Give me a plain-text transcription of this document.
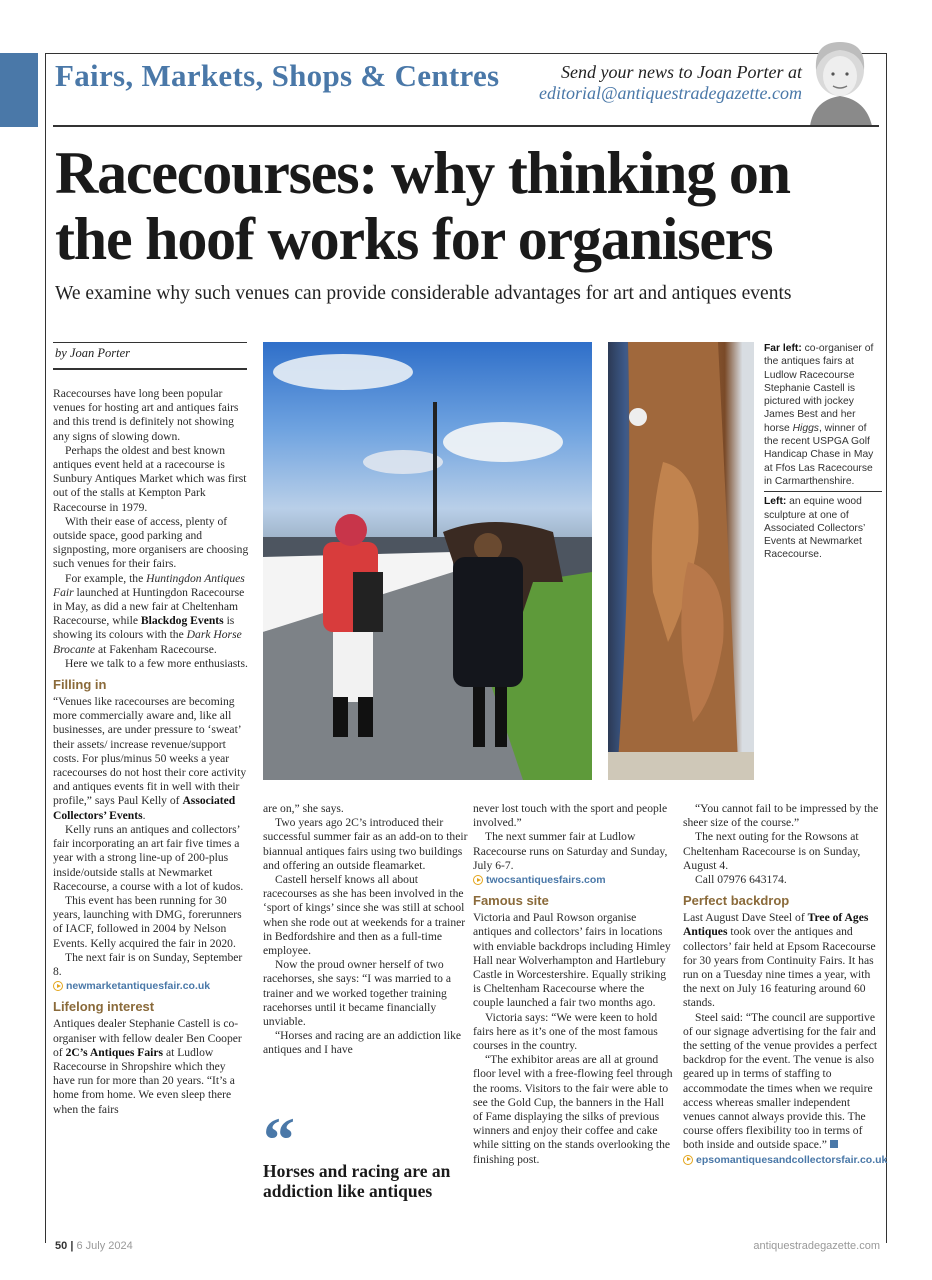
Fairs, Markets, Shops & Centres	Send your news to Joan Porter at
editorial@antiquestradegazette.com
Racecourses: why thinking on
the hoof works for organisers
We examine why such venues can provide considerable advantages for art and antiques events
by Joan Porter

Racecourses have long been popular venues for hosting art and antiques fairs and this trend is definitely not showing any signs of slowing down.

Perhaps the oldest and best known antiques event held at a racecourse is Sunbury Antiques Market which was first out of the stalls at Kempton Park Racecourse in 1979.

With their ease of access, plenty of outside space, good parking and signposting, more organisers are choosing such venues for their fairs.

For example, the Huntingdon Antiques Fair launched at Huntingdon Racecourse in May, as did a new fair at Cheltenham Racecourse, while Blackdog Events is showing its colours with the Dark Horse Brocante at Fakenham Racecourse.

Here we talk to a few more enthusiasts.

Filling in

“Venues like racecourses are becoming more commercially aware and, like all businesses, are under pressure to ‘sweat’ their assets/ increase revenue/support costs. For plus/minus 50 weeks a year racecourses do not host their core activity and antiques events fit in well with their profile,” says Paul Kelly of Associated Collectors’ Events.

Kelly runs an antiques and collectors’ fair incorporating an art fair five times a year with a strong line-up of 200-plus inside/outside stalls at Newmarket Racecourse, a course with a lot of kudos.

This event has been running for 30 years, launching with DMG, forerunners of IACF, followed in 2004 by Nelson Events. Kelly acquired the fair in 2020.

The next fair is on Sunday, September 8.

newmarketantiquesfair.co.uk
Lifelong interest

Antiques dealer Stephanie Castell is co-organiser with fellow dealer Ben Cooper of 2C’s Antiques Fairs at Ludlow Racecourse in Shropshire which they have run for more than 20 years. “It’s a home from home. We even sleep there when the fairs

are on,” she says.

Two years ago 2C’s introduced their successful summer fair as an add-on to their biannual antiques fairs using two buildings and offering an outside fleamarket.

Castell herself knows all about racecourses as she has been involved in the ‘sport of kings’ since she was still at school when she rode out at weekends for a trainer in Bedfordshire and then as a full-time employee.

Now the proud owner herself of two racehorses, she says: “I was married to a trainer and we worked together training racehorses until it became financially unviable.

“Horses and racing are an addiction like antiques and I have

never lost touch with the sport and people involved.”

The next summer fair at Ludlow Racecourse runs on Saturday and Sunday, July 6-7.

twocsantiquesfairs.com
Famous site

Victoria and Paul Rowson organise antiques and collectors’ fairs in locations with enviable backdrops including Himley Hall near Wolverhampton and Hartlebury Castle in Worcestershire. Equally striking is Cheltenham Racecourse where the couple launched a fair two months ago.

Victoria says: “We were keen to hold fairs here as it’s one of the most famous courses in the country.

“The exhibitor areas are all at ground floor level with a free-flowing feel through the rooms. Visitors to the fair were able to see the Gold Cup, the banners in the Hall of Fame displaying the silks of previous winners and enjoy their coffee and cake while sitting on the stands overlooking the finishing post.

“You cannot fail to be impressed by the sheer size of the course.”

The next outing for the Rowsons at Cheltenham Racecourse is on Sunday, August 4.

Call 07976 643174.

Perfect backdrop

Last August Dave Steel of Tree of Ages Antiques took over the antiques and collectors’ fair held at Epsom Racecourse for 30 years from Continuity Fairs. It has run on a Tuesday nine times a year, with the next on July 16 featuring around 60 stands.

Steel said: “The council are supportive of our signage advertising for the fair and the setting of the venue provides a perfect backdrop for the event. The venue is also geared up in terms of staffing to accommodate the times when we require access whereas smaller independent venues cannot always provide this. The course offers flexibility too in terms of both inside and outside space.”

epsomantiquesandcollectorsfair.co.uk
Far left: co-organiser of the antiques fairs at Ludlow Racecourse Stephanie Castell is pictured with jockey James Best and her horse Higgs, winner of the recent USPGA Golf Handicap Chase in May at Ffos Las Racecourse in Carmarthenshire.
Left: an equine wood sculpture at one of Associated Collectors’ Events at Newmarket Racecourse.
“
Horses and racing are an addiction like antiques
50 | 6 July 2024	antiquestradegazette.com
